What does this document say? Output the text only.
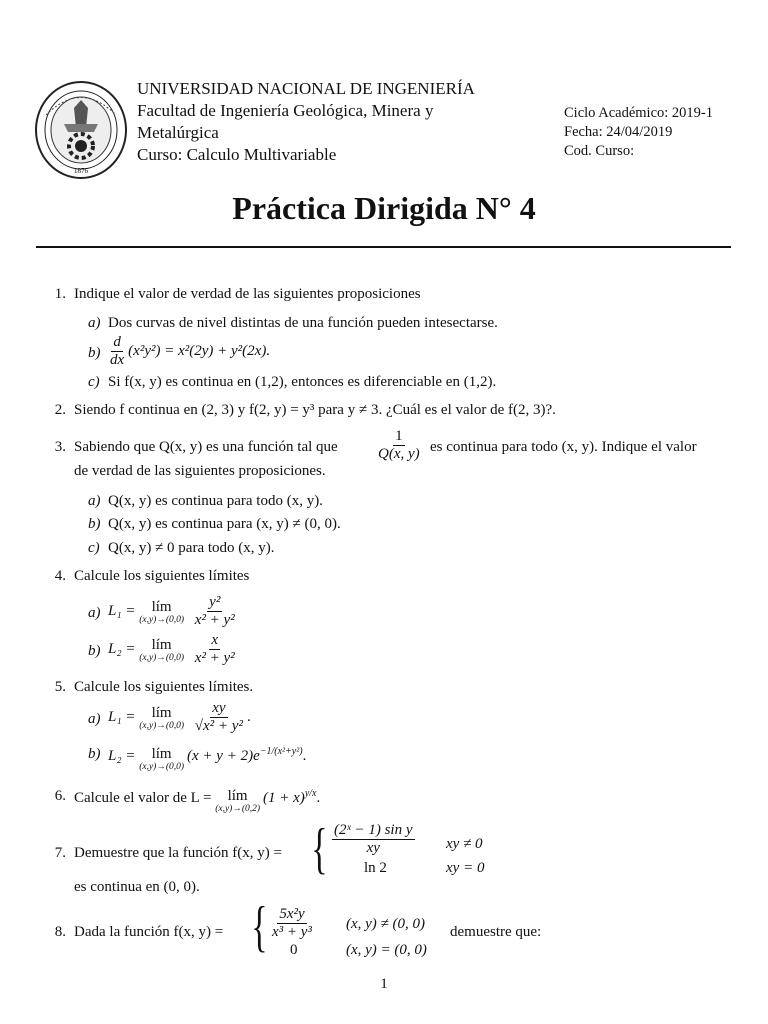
1876
UNIVERSIDAD NACIONAL DE INGENIERÍA
Facultad de Ingeniería Geológica, Minera y
Metalúrgica
Curso: Calculo Multivariable
Ciclo Académico: 2019-1
Fecha: 24/04/2019
Cod. Curso:
Práctica Dirigida N° 4
1. Indique el valor de verdad de las siguientes proposiciones
a) Dos curvas de nivel distintas de una función pueden intesectarse.
$b) \frac{d}{dx} (x^2y^2) = x^2(2y) + y^2(2x)$.
c) Si f(x, y) es continua en (1,2), entonces es diferenciable en (1,2).
2. Siendo f continua en (2, 3) y f(2, y) = y³ para y ≠ 3. ¿Cuál es el valor de f(2, 3)?.
3. Sabiendo que Q(x, y) es una función tal que	$\frac{1}{Q(x, y)}$ es continua para todo (x, y). Indique el valor
de verdad de las siguientes proposiciones.
a) Q(x, y) es continua para todo (x, y).
b) Q(x, y) es continua para (x, y) ≠ (0, 0).
c) Q(x, y) ≠ 0 para todo (x, y).
4. Calcule los siguientes límites
a) L₁ = lím
(x,y)→(0,0)
$\frac{\text{y²}}{\text{x² + y²}}$
b) L₂ = lím
(x,y)→(0,0)
$\frac{x}{\text{x² + y²}}$
5. Calcule los siguientes límites.
a) L₁ = lím
(x,y)→(0,0)
$\frac{xy}{\text{√x² + y²}}$ .
b) L₂ = lím
(x,y)→(0,0)
$(x + y + 2)e^{-1/(x^2+y^2)}$.
6. Calcule el valor de L = lím
(x,y)→(0,2)
$(1 + x)^{y/x}$.
7. Demuestre que la función f(x, y) = { $\frac{\text{(2ˣ − 1) sin y}}{xy}$ xy ≠ 0
ln 2	xy = 0
es continua en (0, 0).
8. Dada la función f(x, y) = { $\frac{\text{5x²y}}{\text{x³ + y³}} (x$, y) ≠ (0, 0)
0	(x, y) = (0, 0)
demuestre que:
1
